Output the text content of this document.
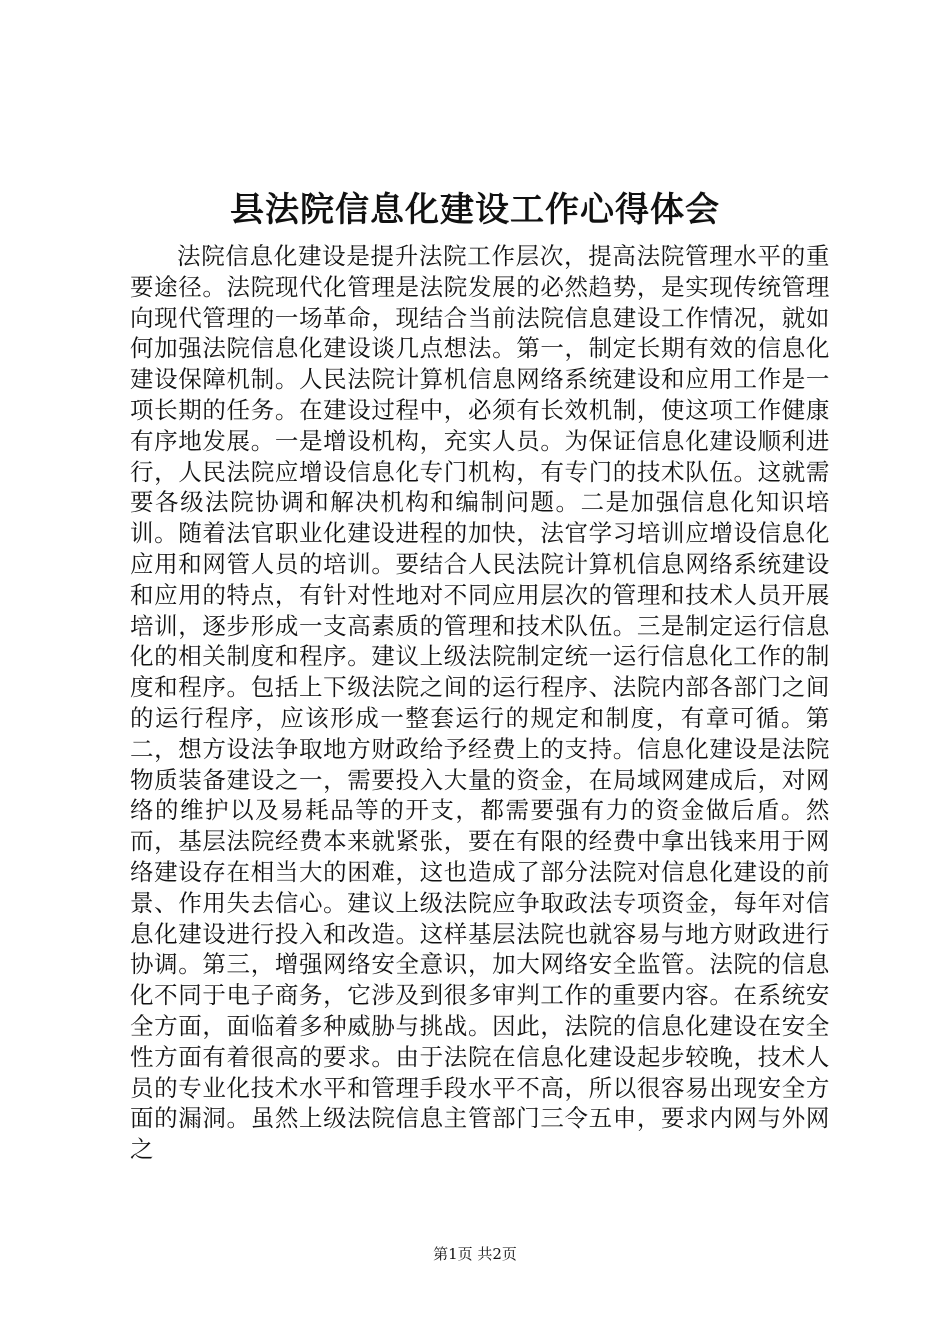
县法院信息化建设工作心得体会
法院信息化建设是提升法院工作层次，提高法院管理水平的重要途径。法院现代化管理是法院发展的必然趋势，是实现传统管理向现代管理的一场革命，现结合当前法院信息建设工作情况，就如何加强法院信息化建设谈几点想法。第一，制定长期有效的信息化建设保障机制。人民法院计算机信息网络系统建设和应用工作是一项长期的任务。在建设过程中，必须有长效机制，使这项工作健康有序地发展。一是增设机构，充实人员。为保证信息化建设顺利进行，人民法院应增设信息化专门机构，有专门的技术队伍。这就需要各级法院协调和解决机构和编制问题。二是加强信息化知识培训。随着法官职业化建设进程的加快，法官学习培训应增设信息化应用和网管人员的培训。要结合人民法院计算机信息网络系统建设和应用的特点，有针对性地对不同应用层次的管理和技术人员开展培训，逐步形成一支高素质的管理和技术队伍。三是制定运行信息化的相关制度和程序。建议上级法院制定统一运行信息化工作的制度和程序。包括上下级法院之间的运行程序、法院内部各部门之间的运行程序，应该形成一整套运行的规定和制度，有章可循。第二，想方设法争取地方财政给予经费上的支持。信息化建设是法院物质装备建设之一，需要投入大量的资金，在局域网建成后，对网络的维护以及易耗品等的开支，都需要强有力的资金做后盾。然而，基层法院经费本来就紧张，要在有限的经费中拿出钱来用于网络建设存在相当大的困难，这也造成了部分法院对信息化建设的前景、作用失去信心。建议上级法院应争取政法专项资金，每年对信息化建设进行投入和改造。这样基层法院也就容易与地方财政进行协调。第三，增强网络安全意识，加大网络安全监管。法院的信息化不同于电子商务，它涉及到很多审判工作的重要内容。在系统安全方面，面临着多种威胁与挑战。因此，法院的信息化建设在安全性方面有着很高的要求。由于法院在信息化建设起步较晚，技术人员的专业化技术水平和管理手段水平不高，所以很容易出现安全方面的漏洞。虽然上级法院信息主管部门三令五申，要求内网与外网之
第1页 共2页
